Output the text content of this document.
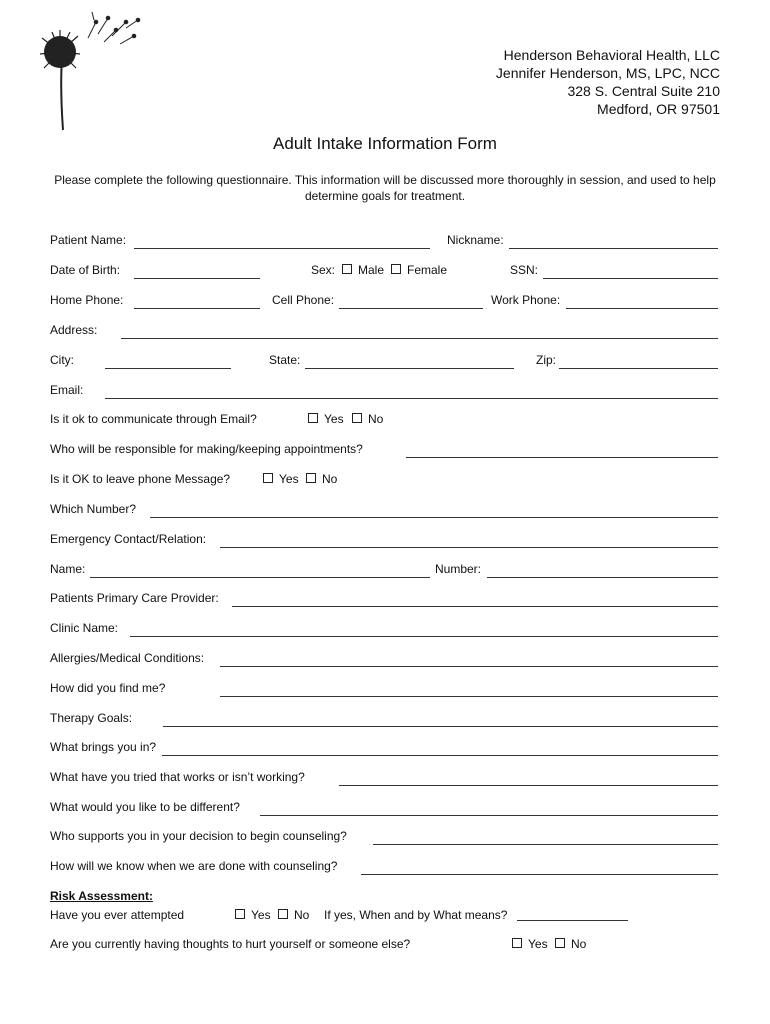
Henderson Behavioral Health, LLC
Jennifer Henderson, MS, LPC, NCC
328 S. Central Suite 210
Medford, OR 97501
Adult Intake Information Form
Please complete the following questionnaire. This information will be discussed more thoroughly in session, and used to help determine goals for treatment.
Patient Name:	Nickname:
Date of Birth:	Sex: Male Female	SSN:
Home Phone:	Cell Phone:	Work Phone:
Address:
City:	State:	Zip:
Email:
Is it ok to communicate through Email?	Yes No
Who will be responsible for making/keeping appointments?
Is it OK to leave phone Message?	Yes No
Which Number?
Emergency Contact/Relation:
Name:	Number:
Patients Primary Care Provider:
Clinic Name:
Allergies/Medical Conditions:
How did you find me?
Therapy Goals:
What brings you in?
What have you tried that works or isn’t working?
What would you like to be different?
Who supports you in your decision to begin counseling?
How will we know when we are done with counseling?
Risk Assessment:
Have you ever attempted	Yes No If yes, When and by What means?
Are you currently having thoughts to hurt yourself or someone else?	Yes No
